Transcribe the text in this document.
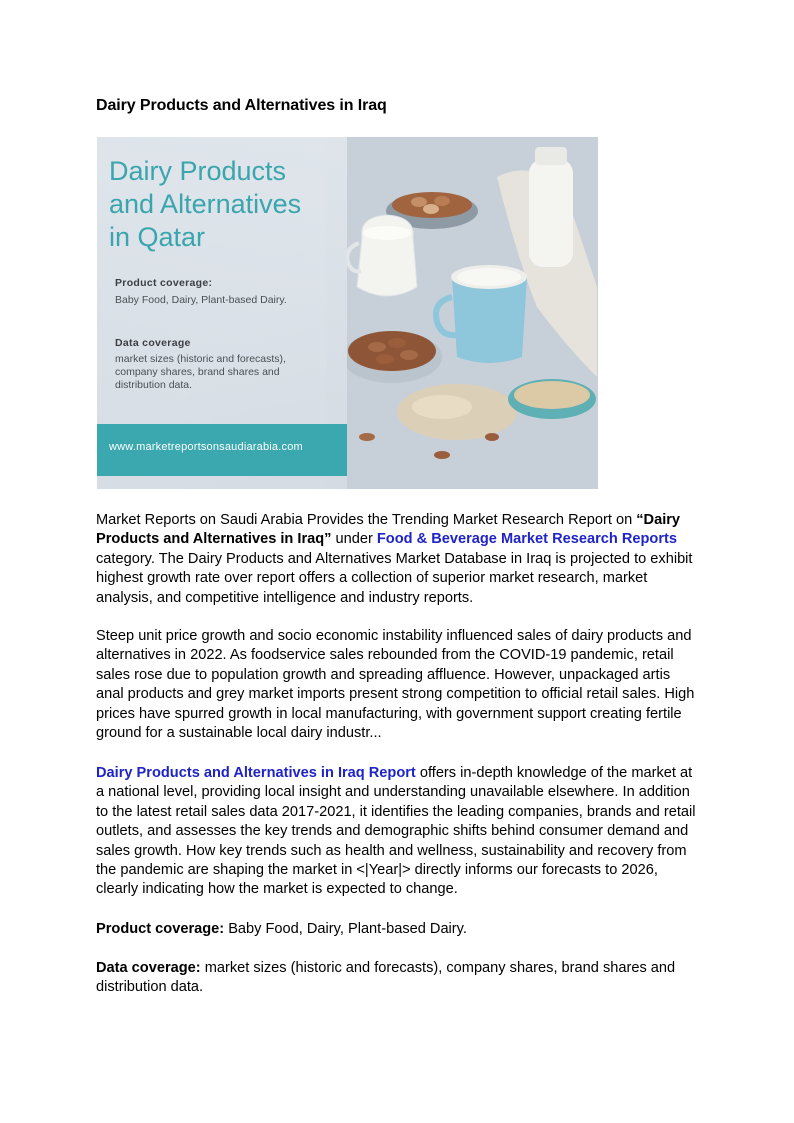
Dairy Products and Alternatives in Iraq
Dairy Products
and Alternatives
in Qatar
Product coverage:
Baby Food, Dairy, Plant-based Dairy.
Data coverage
market sizes (historic and forecasts), company shares, brand shares and distribution data.
www.marketreportsonsaudiarabia.com
Market Reports on Saudi Arabia Provides the Trending Market Research Report on “Dairy Products and Alternatives in Iraq” under Food & Beverage Market Research Reports category. The Dairy Products and Alternatives Market Database in Iraq is projected to exhibit highest growth rate over report offers a collection of superior market research, market analysis, and competitive intelligence and industry reports.
Steep unit price growth and socio economic instability influenced sales of dairy products and alternatives in 2022. As foodservice sales rebounded from the COVID-19 pandemic, retail sales rose due to population growth and spreading affluence. However, unpackaged artis anal products and grey market imports present strong competition to official retail sales. High prices have spurred growth in local manufacturing, with government support creating fertile ground for a sustainable local dairy industr...
Dairy Products and Alternatives in Iraq Report offers in-depth knowledge of the market at a national level, providing local insight and understanding unavailable elsewhere. In addition to the latest retail sales data 2017-2021, it identifies the leading companies, brands and retail outlets, and assesses the key trends and demographic shifts behind consumer demand and sales growth. How key trends such as health and wellness, sustainability and recovery from the pandemic are shaping the market in <|Year|> directly informs our forecasts to 2026, clearly indicating how the market is expected to change.
Product coverage: Baby Food, Dairy, Plant-based Dairy.
Data coverage: market sizes (historic and forecasts), company shares, brand shares and distribution data.
